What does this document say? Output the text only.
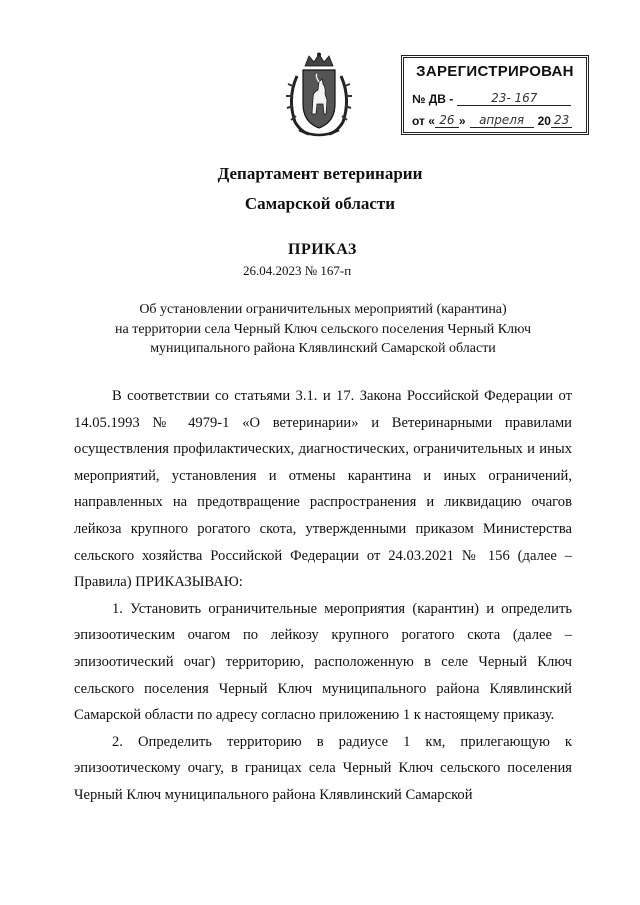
ЗАРЕГИСТРИРОВАН
№ ДВ -	23- 167
от « 26 »	апреля	20 23
Департамент ветеринарии
Самарской области
ПРИКАЗ
26.04.2023 № 167-п
Об установлении ограничительных мероприятий (карантина)
на территории села Черный Ключ сельского поселения Черный Ключ
муниципального района Клявлинский Самарской области

В соответствии со статьями 3.1. и 17. Закона Российской Федерации от 14.05.1993 № 4979-1 «О ветеринарии» и Ветеринарными правилами осуществления профилактических, диагностических, ограничительных и иных мероприятий, установления и отмены карантина и иных ограничений, направленных на предотвращение распространения и ликвидацию очагов лейкоза крупного рогатого скота, утвержденными приказом Министерства сельского хозяйства Российской Федерации от 24.03.2021 № 156 (далее – Правила) ПРИКАЗЫВАЮ:

1. Установить ограничительные мероприятия (карантин) и определить эпизоотическим очагом по лейкозу крупного рогатого скота (далее – эпизоотический очаг) территорию, расположенную в селе Черный Ключ сельского поселения Черный Ключ муниципального района Клявлинский Самарской области по адресу согласно приложению 1 к настоящему приказу.

2. Определить территорию в радиусе 1 км, прилегающую к эпизоотическому очагу, в границах села Черный Ключ сельского поселения Черный Ключ муниципального района Клявлинский Самарской
